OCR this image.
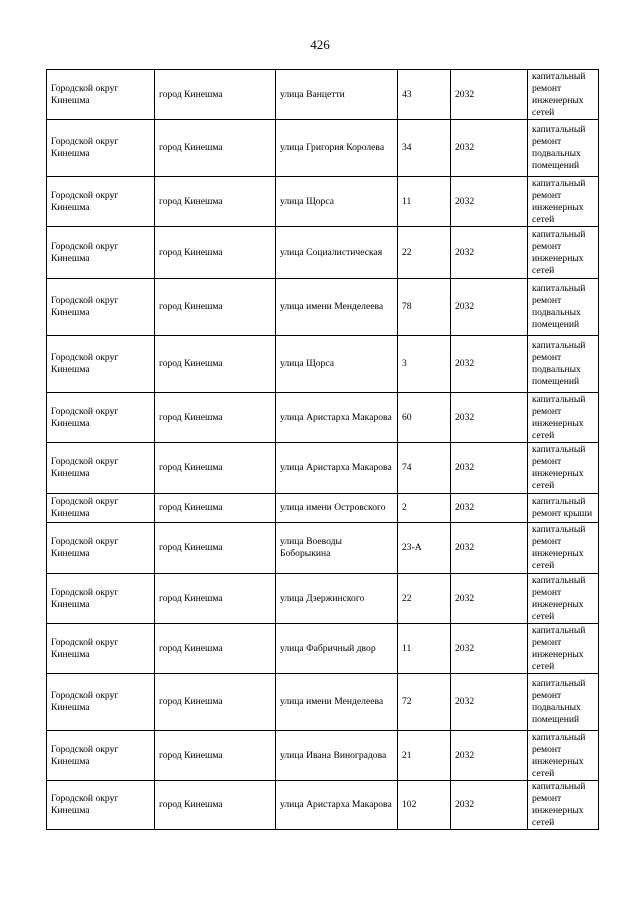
426
Городской округ Кинешма	город Кинешма	улица Ванцетти	43	2032	капитальный ремонт инженерных сетей
Городской округ Кинешма	город Кинешма	улица Григория Королева	34	2032	капитальный ремонт подвальных помещений
Городской округ Кинешма	город Кинешма	улица Щорса	11	2032	капитальный ремонт инженерных сетей
Городской округ Кинешма	город Кинешма	улица Социалистическая	22	2032	капитальный ремонт инженерных сетей
Городской округ Кинешма	город Кинешма	улица имени Менделеева	78	2032	капитальный ремонт подвальных помещений
Городской округ Кинешма	город Кинешма	улица Щорса	3	2032	капитальный ремонт подвальных помещений
Городской округ Кинешма	город Кинешма	улица Аристарха Макарова	60	2032	капитальный ремонт инженерных сетей
Городской округ Кинешма	город Кинешма	улица Аристарха Макарова	74	2032	капитальный ремонт инженерных сетей
Городской округ Кинешма	город Кинешма	улица имени Островского	2	2032	капитальный ремонт крыши
Городской округ Кинешма	город Кинешма	улица Воеводы Боборыкина	23-А	2032	капитальный ремонт инженерных сетей
Городской округ Кинешма	город Кинешма	улица Дзержинского	22	2032	капитальный ремонт инженерных сетей
Городской округ Кинешма	город Кинешма	улица Фабричный двор	11	2032	капитальный ремонт инженерных сетей
Городской округ Кинешма	город Кинешма	улица имени Менделеева	72	2032	капитальный ремонт подвальных помещений
Городской округ Кинешма	город Кинешма	улица Ивана Виноградова	21	2032	капитальный ремонт инженерных сетей
Городской округ Кинешма	город Кинешма	улица Аристарха Макарова	102	2032	капитальный ремонт инженерных сетей
